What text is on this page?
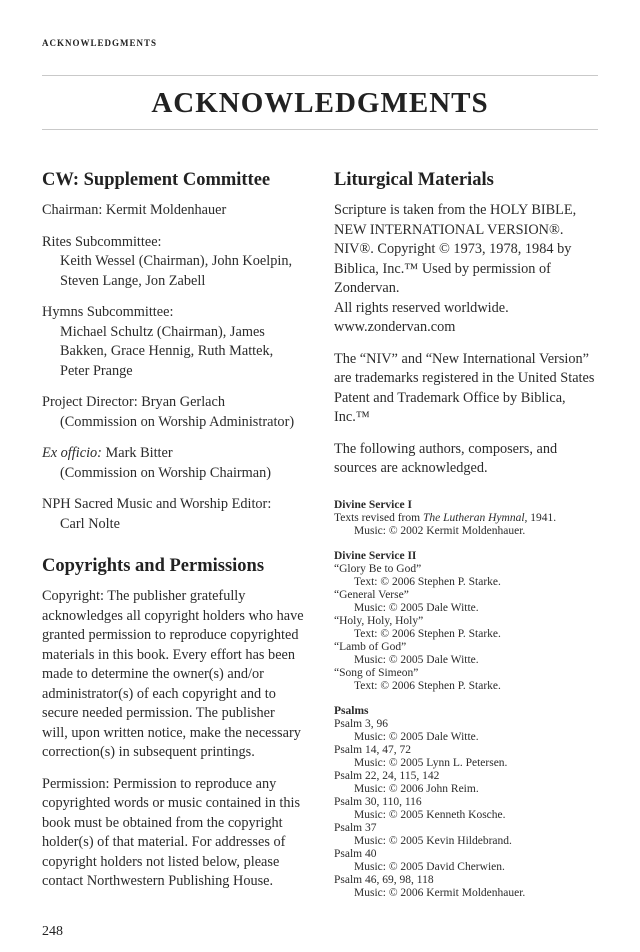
ACKNOWLEDGMENTS
ACKNOWLEDGMENTS
CW: Supplement Committee

Chairman: Kermit Moldenhauer

Rites Subcommittee:
Keith Wessel (Chairman), John Koelpin, Steven Lange, Jon Zabell
Hymns Subcommittee:
Michael Schultz (Chairman), James Bakken, Grace Hennig, Ruth Mattek, Peter Prange
Project Director: Bryan Gerlach
(Commission on Worship Administrator)
Ex officio: Mark Bitter
(Commission on Worship Chairman)
NPH Sacred Music and Worship Editor:
Carl Nolte
Copyrights and Permissions

Copyright: The publisher gratefully acknowledges all copyright holders who have granted permission to reproduce copyrighted materials in this book. Every effort has been made to determine the owner(s) and/or administrator(s) of each copyright and to secure needed permission. The publisher will, upon written notice, make the necessary correction(s) in subsequent printings.

Permission: Permission to reproduce any copyrighted words or music contained in this book must be obtained from the copyright holder(s) of that material. For addresses of copyright holders not listed below, please contact Northwestern Publishing House.

Liturgical Materials
Scripture is taken from the HOLY BIBLE, NEW INTERNATIONAL VERSION®. NIV®. Copyright © 1973, 1978, 1984 by Biblica, Inc.™ Used by permission of Zondervan.
All rights reserved worldwide.
www.zondervan.com

The “NIV” and “New International Version” are trademarks registered in the United States Patent and Trademark Office by Biblica, Inc.™

The following authors, composers, and sources are acknowledged.

Divine Service I

Texts revised from The Lutheran Hymnal, 1941.

Music: © 2002 Kermit Moldenhauer.

Divine Service II

“Glory Be to God”

Text: © 2006 Stephen P. Starke.

“General Verse”

Music: © 2005 Dale Witte.

“Holy, Holy, Holy”

Text: © 2006 Stephen P. Starke.

“Lamb of God”

Music: © 2005 Dale Witte.

“Song of Simeon”

Text: © 2006 Stephen P. Starke.

Psalms

Psalm 3, 96

Music: © 2005 Dale Witte.

Psalm 14, 47, 72

Music: © 2005 Lynn L. Petersen.

Psalm 22, 24, 115, 142

Music: © 2006 John Reim.

Psalm 30, 110, 116

Music: © 2005 Kenneth Kosche.

Psalm 37

Music: © 2005 Kevin Hildebrand.

Psalm 40

Music: © 2005 David Cherwien.

Psalm 46, 69, 98, 118

Music: © 2006 Kermit Moldenhauer.

248
